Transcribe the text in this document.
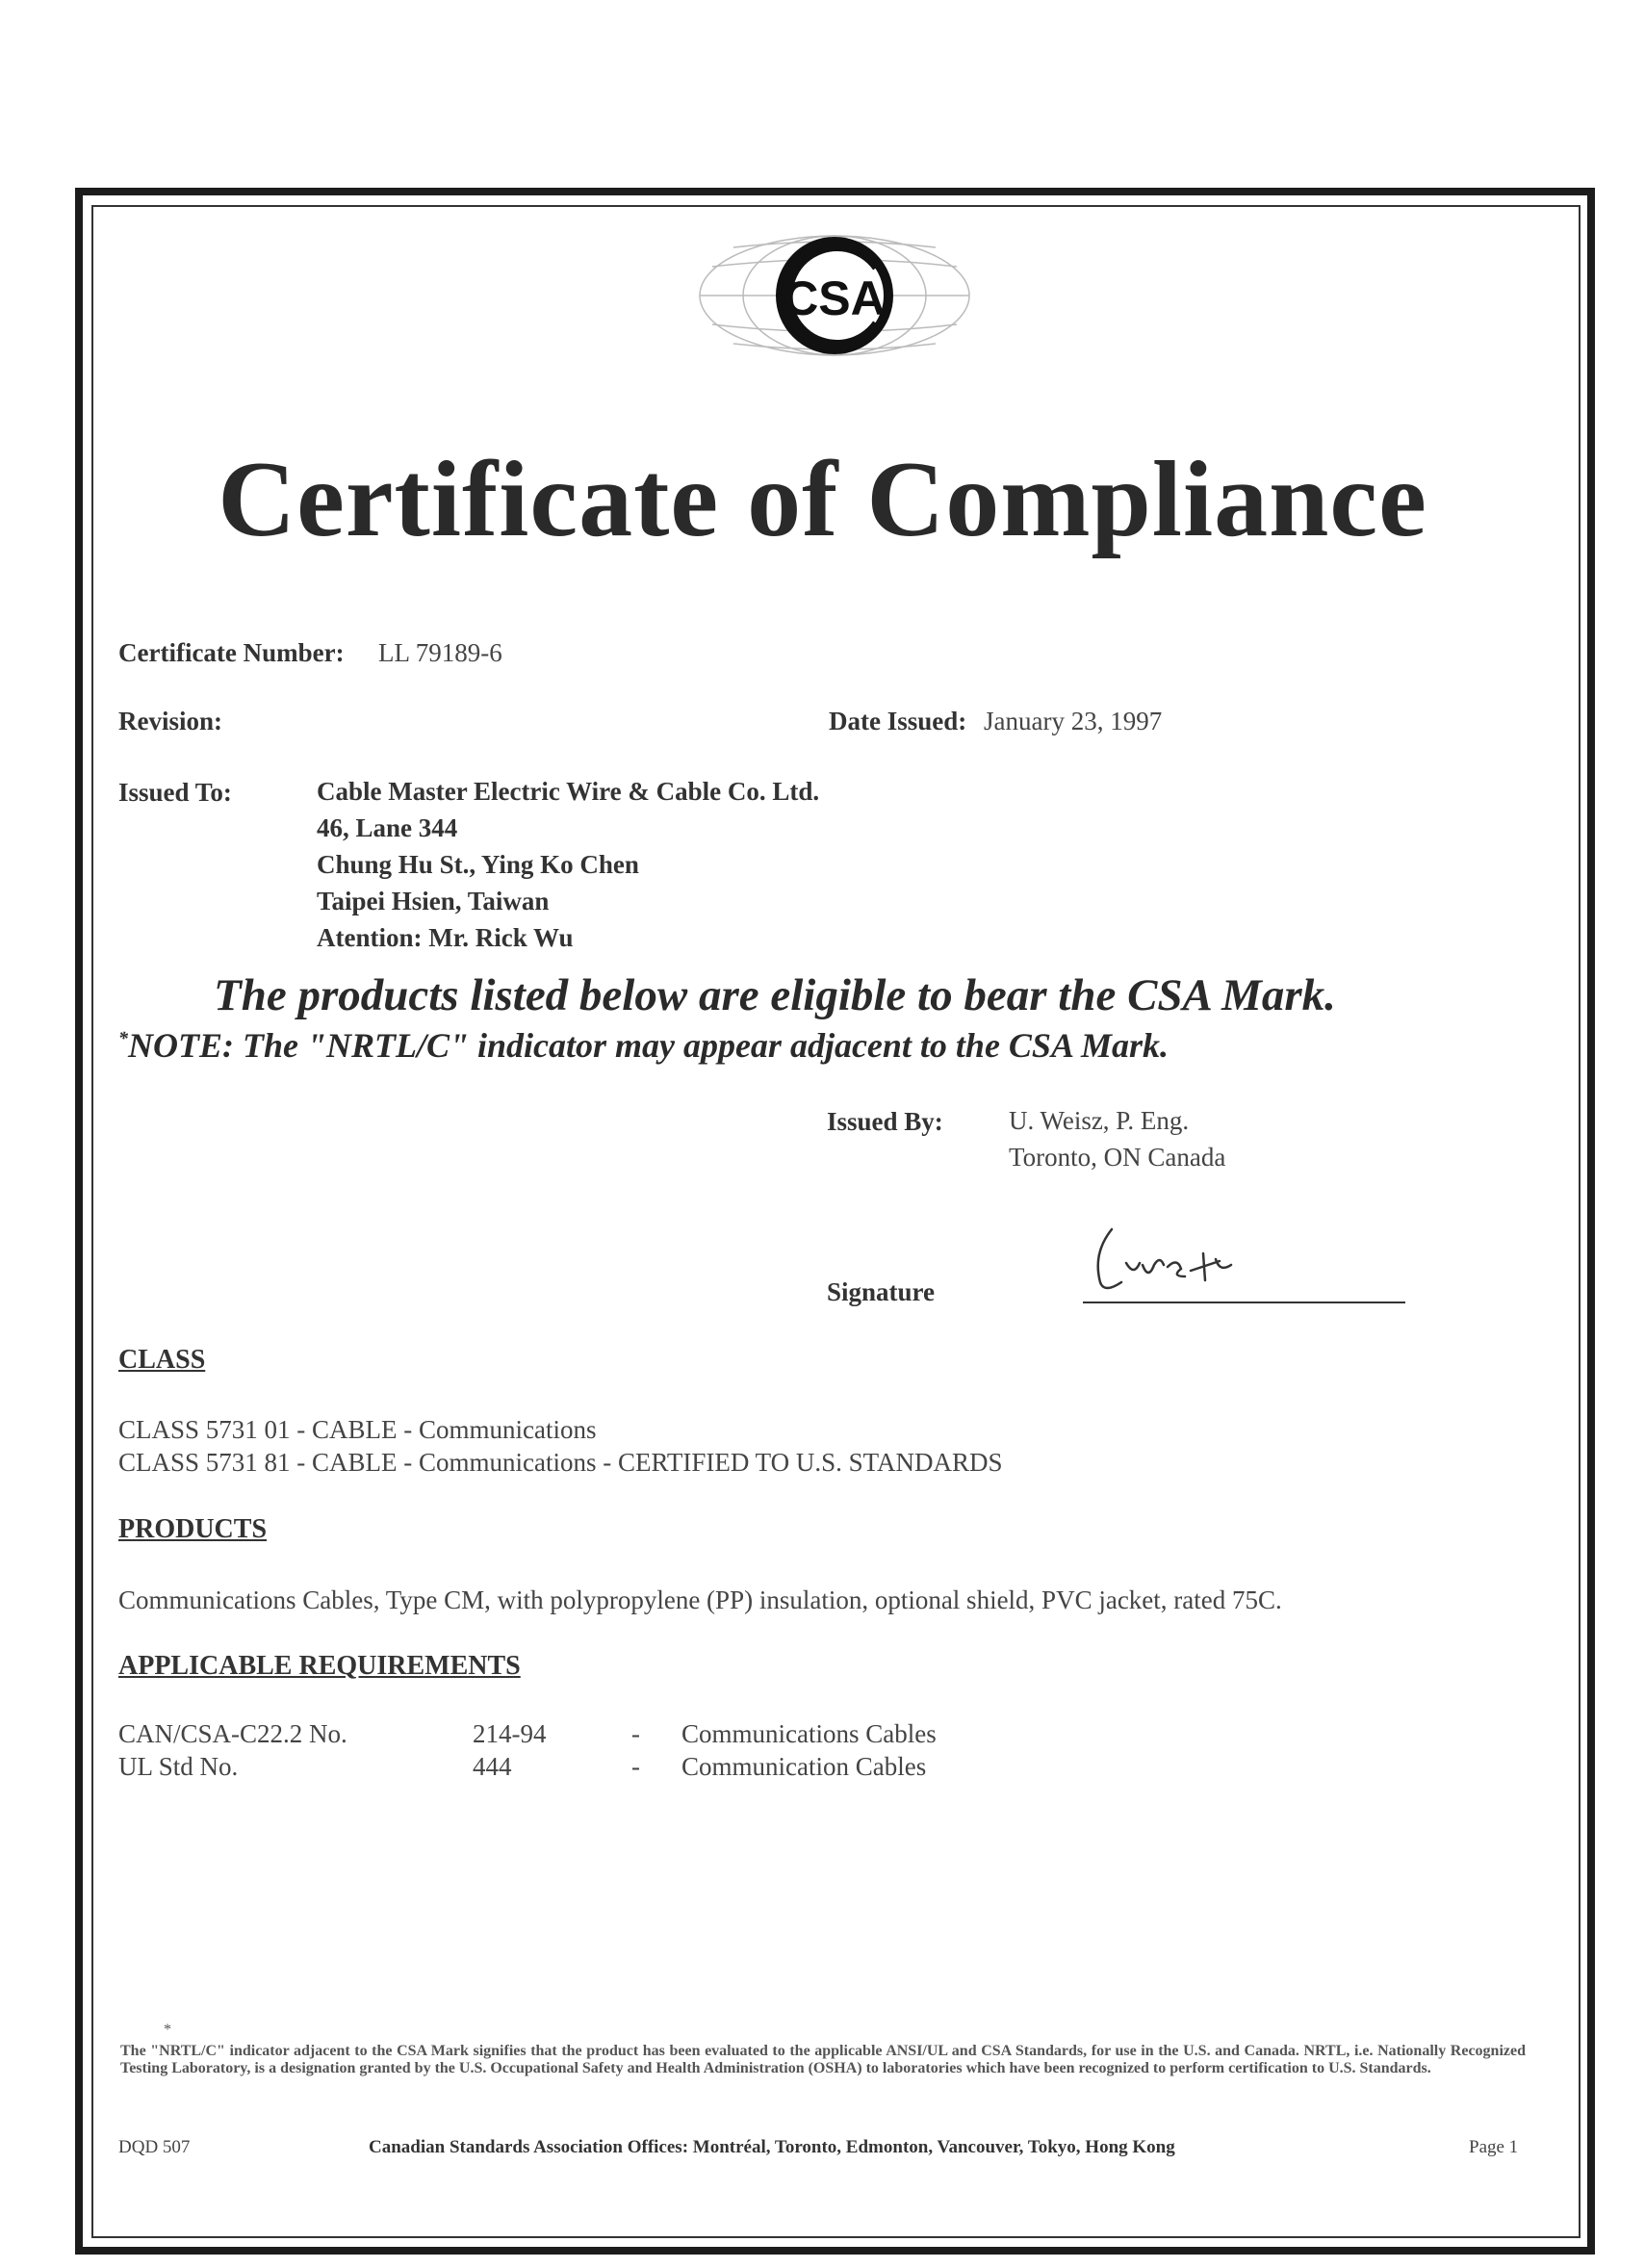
CSA
Certificate of Compliance
Certificate Number: LL 79189-6
Revision:	Date Issued: January 23, 1997
Issued To:	Cable Master Electric Wire & Cable Co. Ltd.
46, Lane 344
Chung Hu St., Ying Ko Chen
Taipei Hsien, Taiwan
Atention: Mr. Rick Wu
The products listed below are eligible to bear the CSA Mark.
*NOTE: The "NRTL/C" indicator may appear adjacent to the CSA Mark.
Issued By:	U. Weisz, P. Eng.
Toronto, ON Canada
Signature
CLASS
CLASS 5731 01 - CABLE - Communications
CLASS 5731 81 - CABLE - Communications - CERTIFIED TO U.S. STANDARDS
PRODUCTS
Communications Cables, Type CM, with polypropylene (PP) insulation, optional shield, PVC jacket, rated 75C.
APPLICABLE REQUIREMENTS
CAN/CSA-C22.2 No.	214-94	- Communications Cables
UL Std No.	444	- Communication Cables
*
The "NRTL/C" indicator adjacent to the CSA Mark signifies that the product has been evaluated to the applicable ANSI/UL and CSA Standards, for use in the U.S. and Canada. NRTL, i.e. Nationally Recognized Testing Laboratory, is a designation granted by the U.S. Occupational Safety and Health Administration (OSHA) to laboratories which have been recognized to perform certification to U.S. Standards.
DQD 507	Canadian Standards Association Offices: Montréal, Toronto, Edmonton, Vancouver, Tokyo, Hong Kong	Page 1
